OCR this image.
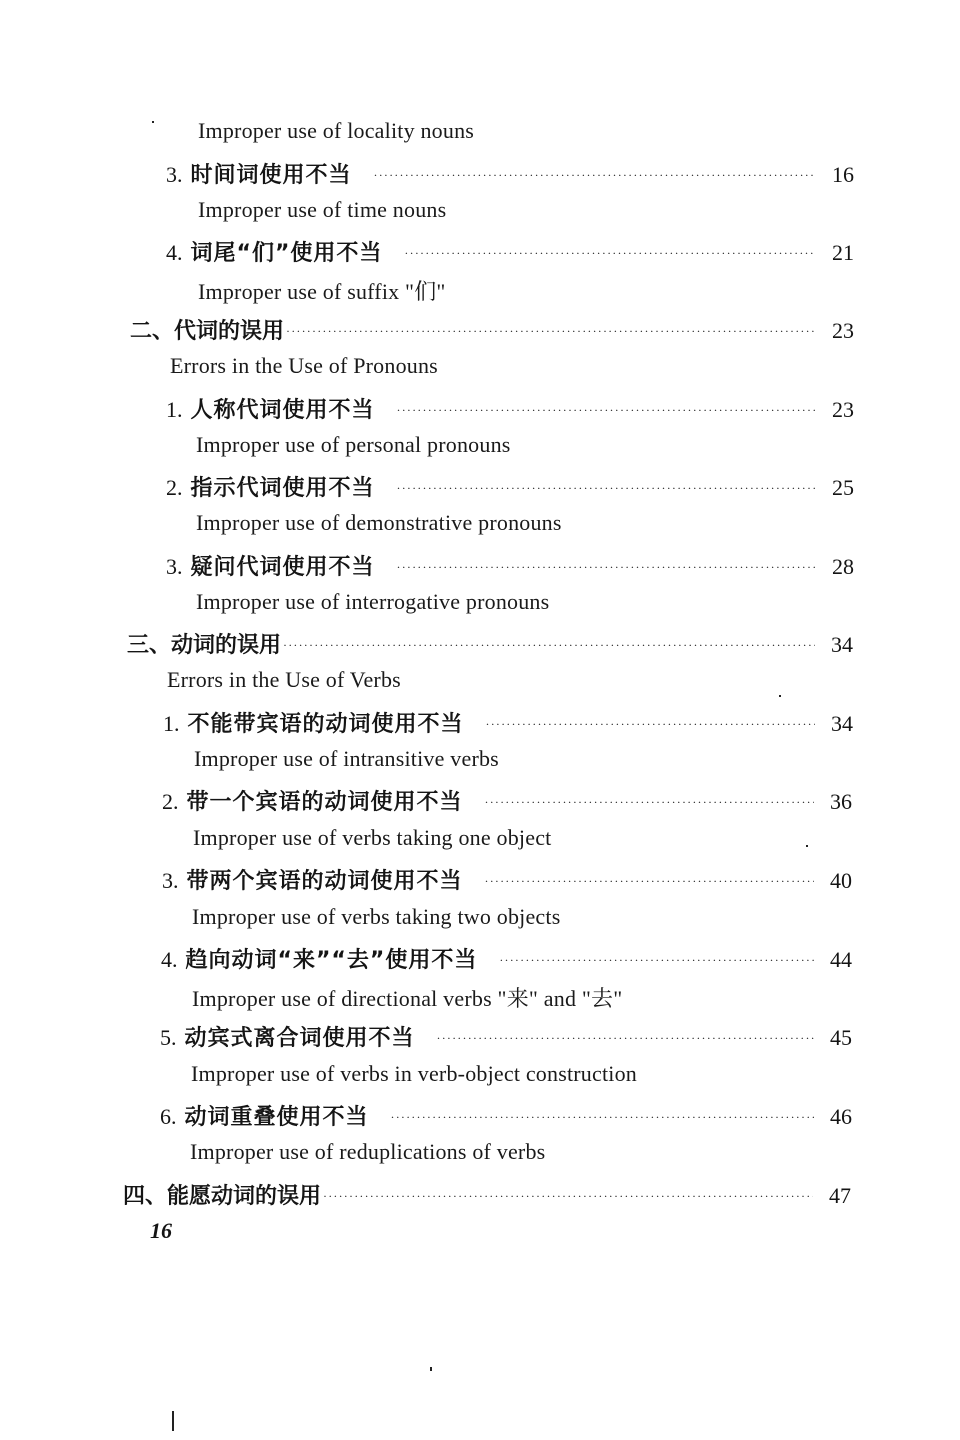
Improper use of locality nouns
3. 时间词使用不当 ·····	16
Improper use of time nouns
4. 词尾“们”使用不当 ·····	21
Improper use of suffix "们"
二、代词的误用 ·····	23
Errors in the Use of Pronouns
1. 人称代词使用不当 ·····	23
Improper use of personal pronouns
2. 指示代词使用不当 ·····	25
Improper use of demonstrative pronouns
3. 疑问代词使用不当 ·····	28
Improper use of interrogative pronouns
三、动词的误用 ·····	34
Errors in the Use of Verbs
1. 不能带宾语的动词使用不当 ·····	34
Improper use of intransitive verbs
2. 带一个宾语的动词使用不当 ·····	36
Improper use of verbs taking one object
3. 带两个宾语的动词使用不当 ·····	40
Improper use of verbs taking two objects
4. 趋向动词“来”“去”使用不当 ·····	44
Improper use of directional verbs "来" and "去"
5. 动宾式离合词使用不当 ·····	45
Improper use of verbs in verb-object construction
6. 动词重叠使用不当 ·····	46
Improper use of reduplications of verbs
四、能愿动词的误用 ·····	47
16
